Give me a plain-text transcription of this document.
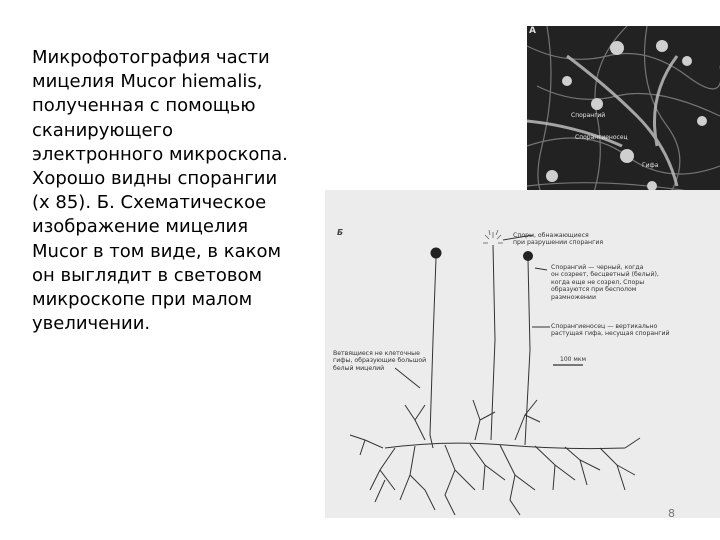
Микрофотография части
мицелия Mucor hiemalis,
полученная с помощью
сканирующего
электронного микроскопа.
Хорошо видны спорангии
(х 85). Б. Схематическое
изображение мицелия
Mucor в том виде, в каком
он выглядит в световом
микроскопе при малом
увеличении.
А
Спорангий
Спорангиеносец
Гифа
Б	Споры, обнажающиеся
при разрушении спорангия
Спорангий — черный, когда
он созреет, бесцветный (белый),
когда еще не созрел, Споры
образуются при бесполом
размножении
Спорангиеносец — вертикально
растущая гифа, несущая спорангий
Ветвящиеся не клеточные
гифы, образующие большой
белый мицелий
100 мкм
8
